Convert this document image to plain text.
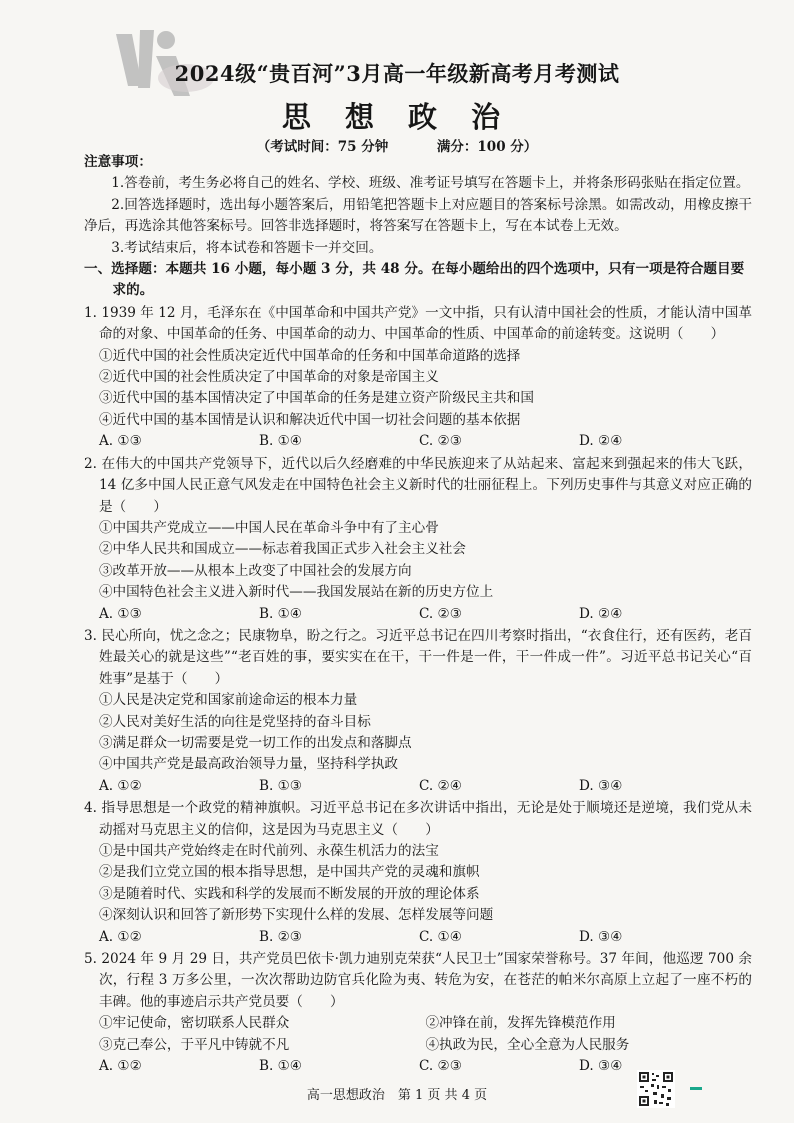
2024级“贵百河”3月高一年级新高考月考测试
思 想 政 治
（考试时间：75 分钟	满分：100 分）
注意事项：
1.答卷前，考生务必将自己的姓名、学校、班级、准考证号填写在答题卡上，并将条形码张贴在指定位置。
2.回答选择题时，选出每小题答案后，用铅笔把答题卡上对应题目的答案标号涂黑。如需改动，用橡皮擦干净后，再选涂其他答案标号。回答非选择题时，将答案写在答题卡上，写在本试卷上无效。
3.考试结束后，将本试卷和答题卡一并交回。
一、选择题：本题共 16 小题，每小题 3 分，共 48 分。在每小题给出的四个选项中，只有一项是符合题目要求的。
1. 1939 年 12 月，毛泽东在《中国革命和中国共产党》一文中指，只有认清中国社会的性质，才能认清中国革命的对象、中国革命的任务、中国革命的动力、中国革命的性质、中国革命的前途转变。这说明（　　）
①近代中国的社会性质决定近代中国革命的任务和中国革命道路的选择
②近代中国的社会性质决定了中国革命的对象是帝国主义
③近代中国的基本国情决定了中国革命的任务是建立资产阶级民主共和国
④近代中国的基本国情是认识和解决近代中国一切社会问题的基本依据
A. ①③	B. ①④	C. ②③	D. ②④
2. 在伟大的中国共产党领导下，近代以后久经磨难的中华民族迎来了从站起来、富起来到强起来的伟大飞跃，14 亿多中国人民正意气风发走在中国特色社会主义新时代的壮丽征程上。下列历史事件与其意义对应正确的是（　　）
①中国共产党成立——中国人民在革命斗争中有了主心骨
②中华人民共和国成立——标志着我国正式步入社会主义社会
③改革开放——从根本上改变了中国社会的发展方向
④中国特色社会主义进入新时代——我国发展站在新的历史方位上
A. ①③	B. ①④	C. ②③	D. ②④
3. 民心所向，忧之念之；民康物阜，盼之行之。习近平总书记在四川考察时指出，“衣食住行，还有医药，老百姓最关心的就是这些”“老百姓的事，要实实在在干，干一件是一件，干一件成一件”。习近平总书记关心“百姓事”是基于（　　）
①人民是决定党和国家前途命运的根本力量
②人民对美好生活的向往是党坚持的奋斗目标
③满足群众一切需要是党一切工作的出发点和落脚点
④中国共产党是最高政治领导力量，坚持科学执政
A. ①②	B. ①③	C. ②④	D. ③④
4. 指导思想是一个政党的精神旗帜。习近平总书记在多次讲话中指出，无论是处于顺境还是逆境，我们党从未动摇对马克思主义的信仰，这是因为马克思主义（　　）
①是中国共产党始终走在时代前列、永葆生机活力的法宝
②是我们立党立国的根本指导思想，是中国共产党的灵魂和旗帜
③是随着时代、实践和科学的发展而不断发展的开放的理论体系
④深刻认识和回答了新形势下实现什么样的发展、怎样发展等问题
A. ①②	B. ②③	C. ①④	D. ③④
5. 2024 年 9 月 29 日，共产党员巴依卡·凯力迪别克荣获“人民卫士”国家荣誉称号。37 年间，他巡逻 700 余次，行程 3 万多公里，一次次帮助边防官兵化险为夷、转危为安，在苍茫的帕米尔高原上立起了一座不朽的丰碑。他的事迹启示共产党员要（　　）
①牢记使命，密切联系人民群众	②冲锋在前，发挥先锋模范作用
③克己奉公，于平凡中铸就不凡	④执政为民，全心全意为人民服务
A. ①②	B. ①④	C. ②③	D. ③④
高一思想政治　第 1 页 共 4 页
